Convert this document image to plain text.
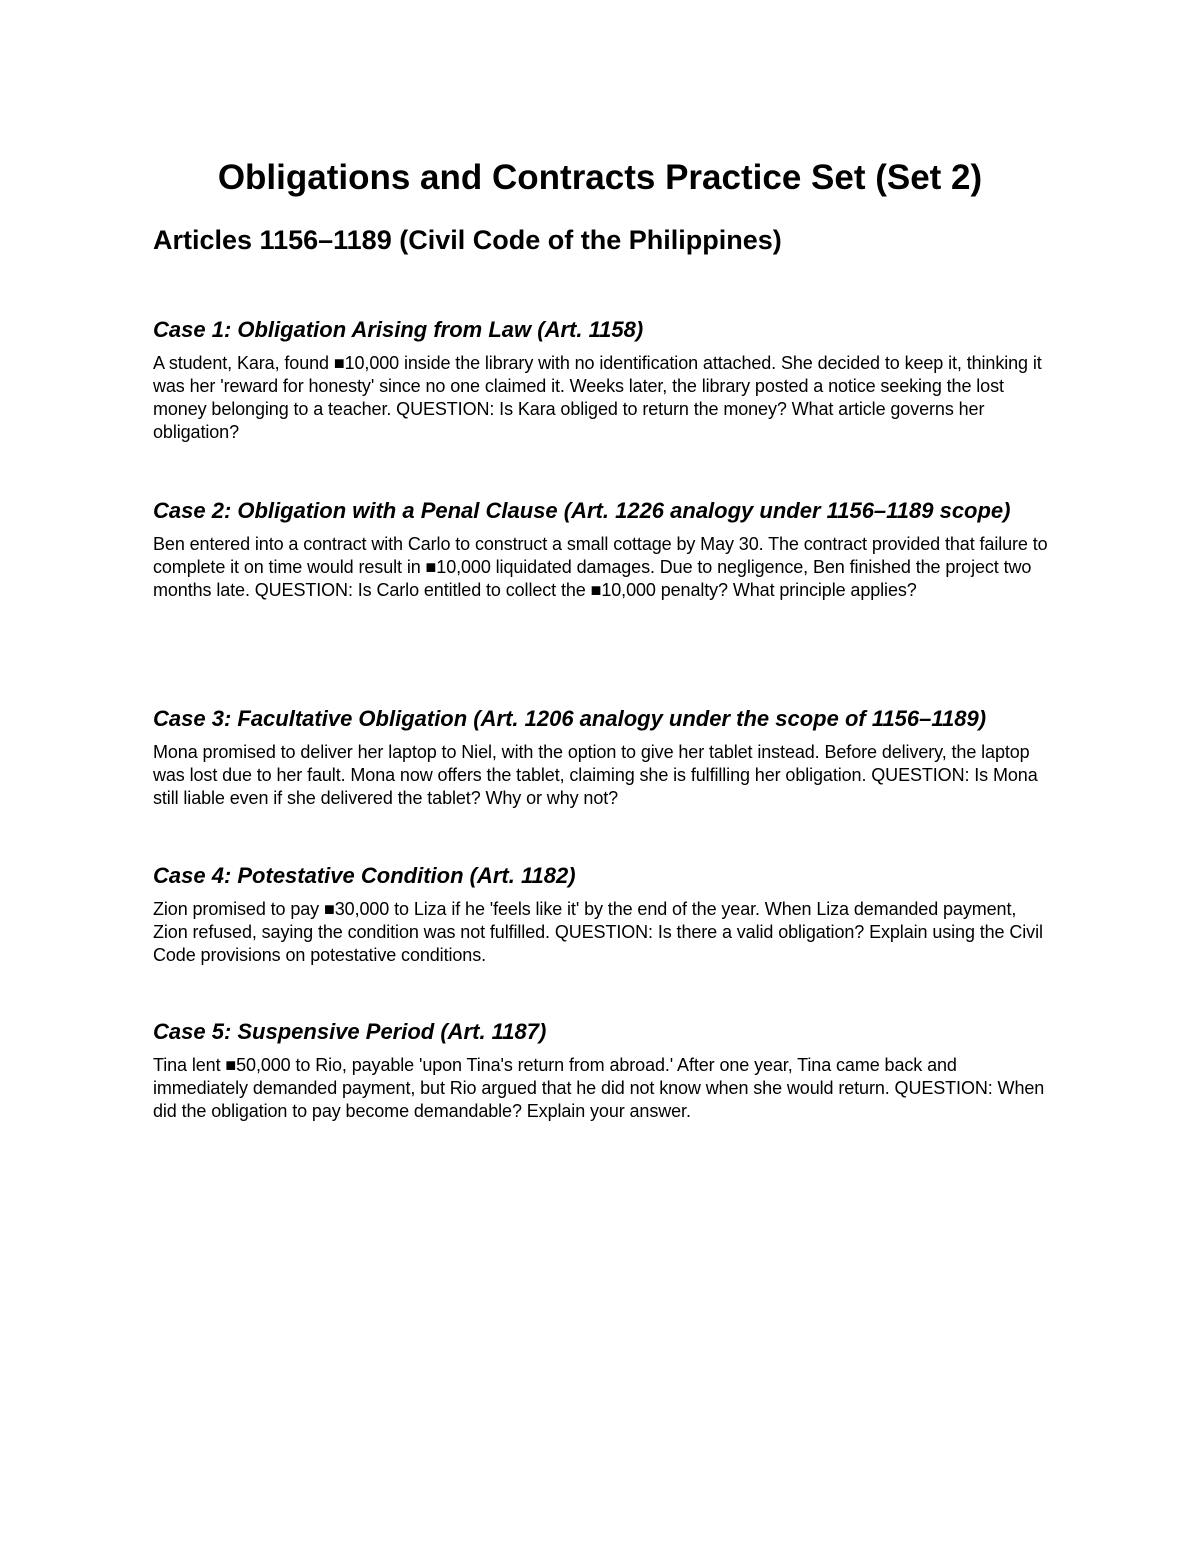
Obligations and Contracts Practice Set (Set 2)
Articles 1156–1189 (Civil Code of the Philippines)
Case 1: Obligation Arising from Law (Art. 1158)

A student, Kara, found ■10,000 inside the library with no identification attached. She decided to keep it, thinking it was her 'reward for honesty' since no one claimed it. Weeks later, the library posted a notice seeking the lost money belonging to a teacher. QUESTION: Is Kara obliged to return the money? What article governs her obligation?

Case 2: Obligation with a Penal Clause (Art. 1226 analogy under 1156–1189 scope)

Ben entered into a contract with Carlo to construct a small cottage by May 30. The contract provided that failure to complete it on time would result in ■10,000 liquidated damages. Due to negligence, Ben finished the project two months late. QUESTION: Is Carlo entitled to collect the ■10,000 penalty? What principle applies?

Case 3: Facultative Obligation (Art. 1206 analogy under the scope of 1156–1189)

Mona promised to deliver her laptop to Niel, with the option to give her tablet instead. Before delivery, the laptop was lost due to her fault. Mona now offers the tablet, claiming she is fulfilling her obligation. QUESTION: Is Mona still liable even if she delivered the tablet? Why or why not?

Case 4: Potestative Condition (Art. 1182)

Zion promised to pay ■30,000 to Liza if he 'feels like it' by the end of the year. When Liza demanded payment, Zion refused, saying the condition was not fulfilled. QUESTION: Is there a valid obligation? Explain using the Civil Code provisions on potestative conditions.

Case 5: Suspensive Period (Art. 1187)

Tina lent ■50,000 to Rio, payable 'upon Tina's return from abroad.' After one year, Tina came back and immediately demanded payment, but Rio argued that he did not know when she would return. QUESTION: When did the obligation to pay become demandable? Explain your answer.
